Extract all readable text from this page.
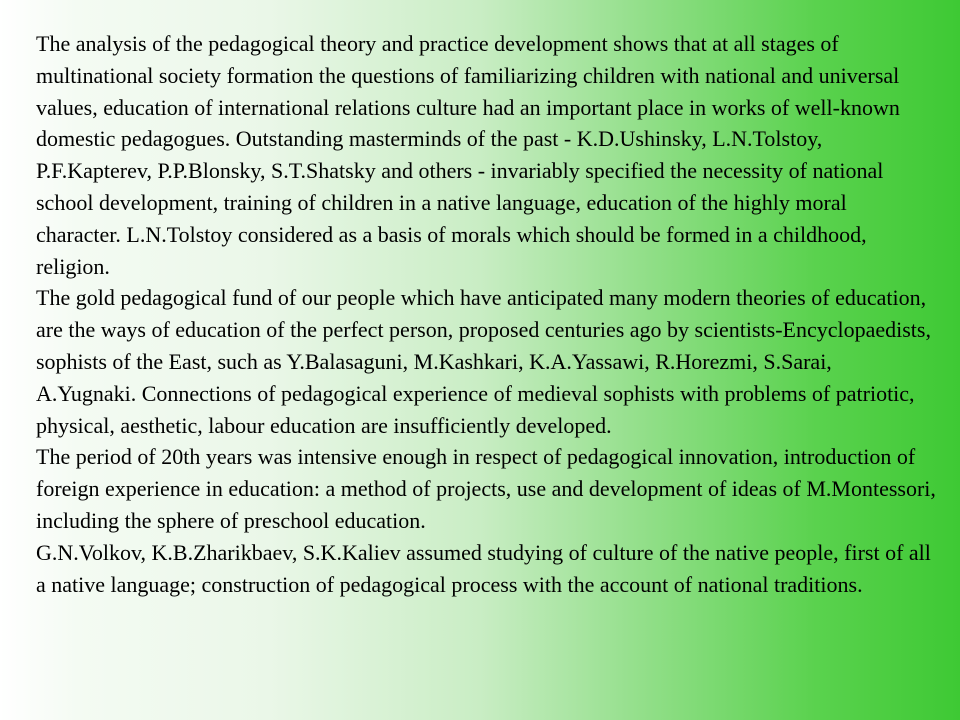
The analysis of the pedagogical theory and practice development shows that at all stages of multinational society formation the questions of familiarizing children with national and universal values, education of international relations culture had an important place in works of well-known domestic pedagogues. Outstanding masterminds of the past - K.D.Ushinsky, L.N.Tolstoy, P.F.Kapterev, P.P.Blonsky, S.T.Shatsky and others - invariably specified the necessity of national school development, training of children in a native language, education of the highly moral character. L.N.Tolstoy considered as a basis of morals which should be formed in a childhood, religion.

The gold pedagogical fund of our people which have anticipated many modern theories of education, are the ways of education of the perfect person, proposed centuries ago by scientists-Encyclopaedists, sophists of the East, such as Y.Balasaguni, M.Kashkari, K.A.Yassawi, R.Horezmi, S.Sarai, A.Yugnaki. Connections of pedagogical experience of medieval sophists with problems of patriotic, physical, aesthetic, labour education are insufficiently developed.

The period of 20th years was intensive enough in respect of pedagogical innovation, introduction of foreign experience in education: a method of projects, use and development of ideas of M.Montessori, including the sphere of preschool education.

G.N.Volkov, K.B.Zharikbaev, S.K.Kaliev assumed studying of culture of the native people, first of all a native language; construction of pedagogical process with the account of national traditions.
